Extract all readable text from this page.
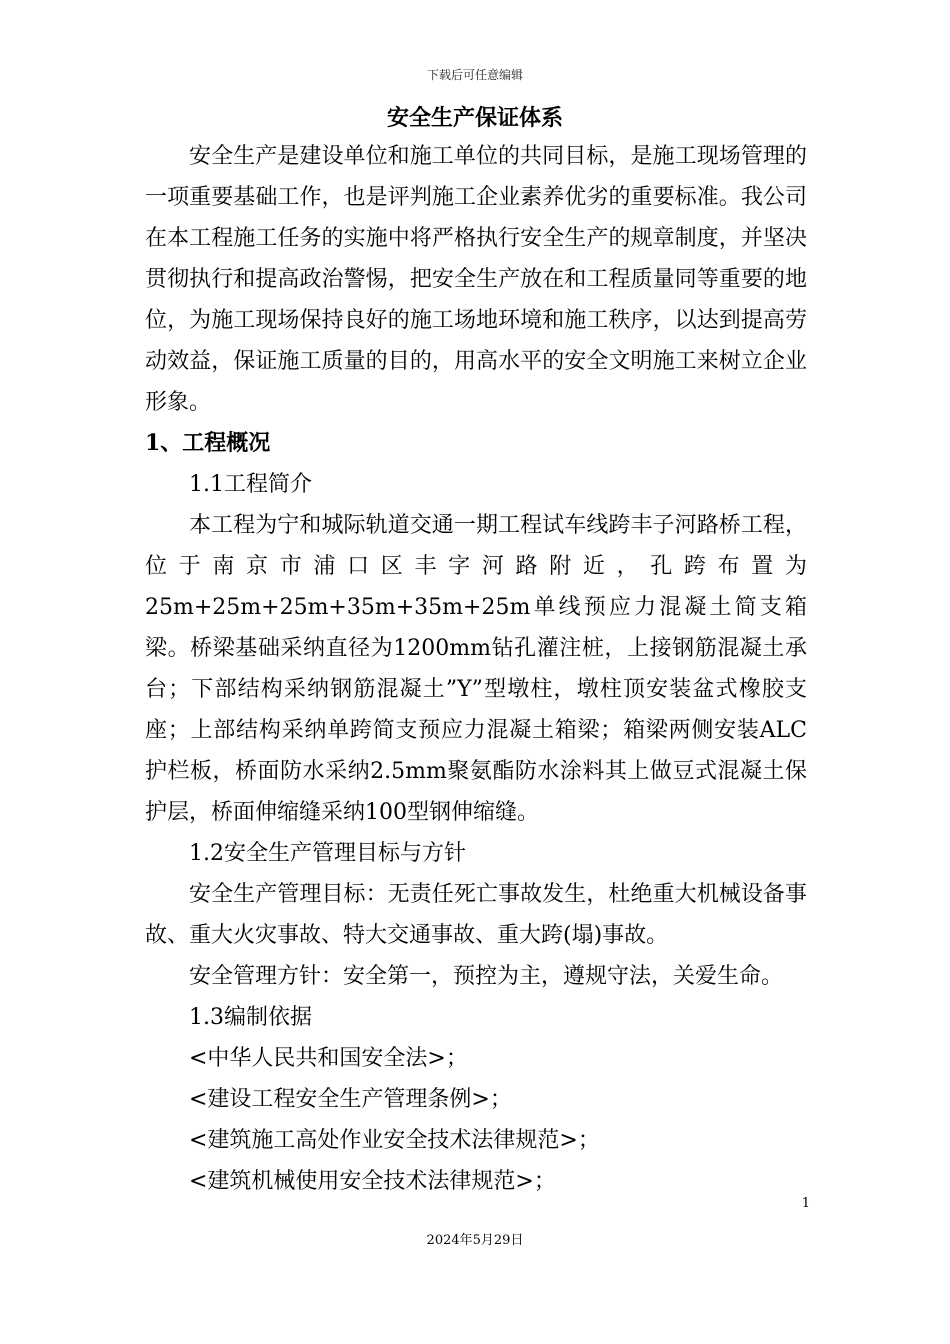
下载后可任意编辑
安全生产保证体系

安全生产是建设单位和施工单位的共同目标，是施工现场管理的一项重要基础工作，也是评判施工企业素养优劣的重要标准。我公司在本工程施工任务的实施中将严格执行安全生产的规章制度，并坚决贯彻执行和提高政治警惕，把安全生产放在和工程质量同等重要的地位，为施工现场保持良好的施工场地环境和施工秩序，以达到提高劳动效益，保证施工质量的目的，用高水平的安全文明施工来树立企业形象。

1、工程概况

1.1工程简介

本工程为宁和城际轨道交通一期工程试车线跨丰子河路桥工程，位于南京市浦口区丰字河路附近，孔跨布置为25m+25m+25m+35m+35m+25m单线预应力混凝土简支箱梁。桥梁基础采纳直径为1200mm钻孔灌注桩，上接钢筋混凝土承台；下部结构采纳钢筋混凝土”Y”型墩柱，墩柱顶安装盆式橡胶支座；上部结构采纳单跨简支预应力混凝土箱梁；箱梁两侧安装ALC护栏板，桥面防水采纳2.5mm聚氨酯防水涂料其上做豆式混凝土保护层，桥面伸缩缝采纳100型钢伸缩缝。

1.2安全生产管理目标与方针

安全生产管理目标：无责任死亡事故发生，杜绝重大机械设备事故、重大火灾事故、特大交通事故、重大跨(塌)事故。

安全管理方针：安全第一，预控为主，遵规守法，关爱生命。

1.3编制依据

<中华人民共和国安全法>；

<建设工程安全生产管理条例>；

<建筑施工高处作业安全技术法律规范>；

<建筑机械使用安全技术法律规范>；

1
2024年5月29日
